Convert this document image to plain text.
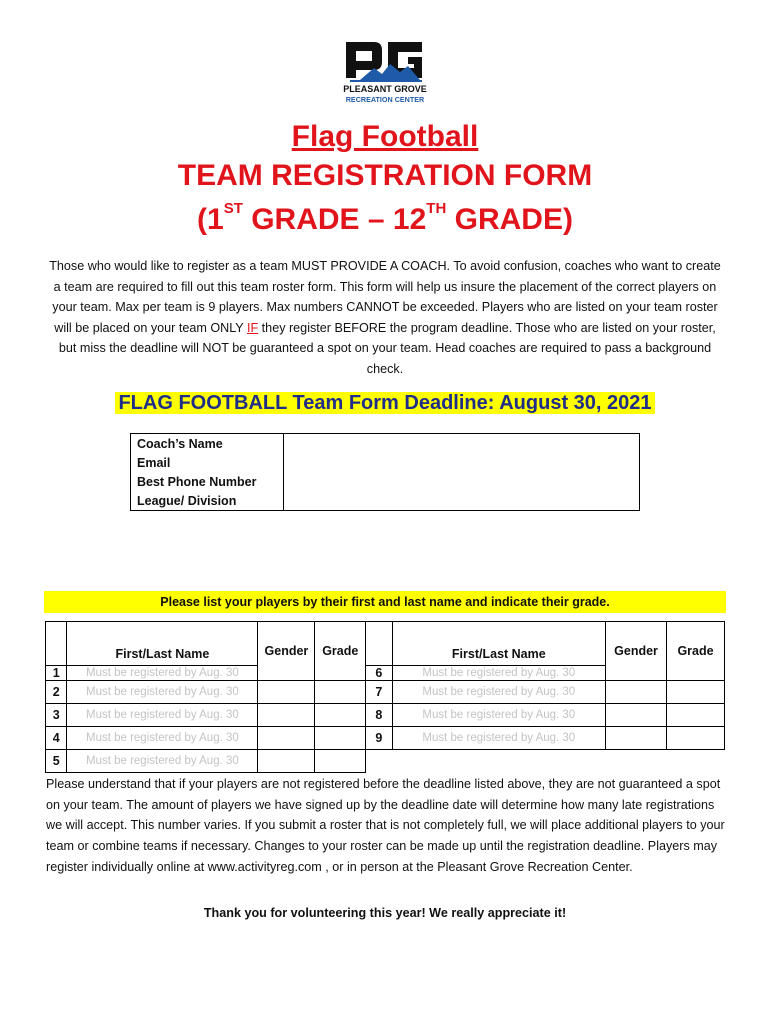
PLEASANT GROVE
RECREATION CENTER

Flag Football

TEAM REGISTRATION FORM

(1ST GRADE – 12TH GRADE)

Those who would like to register as a team MUST PROVIDE A COACH. To avoid confusion, coaches who want to create a team are required to fill out this team roster form. This form will help us insure the placement of the correct players on your team. Max per team is 9 players. Max numbers CANNOT be exceeded. Players who are listed on your team roster will be placed on your team ONLY IF they register BEFORE the program deadline. Those who are listed on your roster, but miss the deadline will NOT be guaranteed a spot on your team. Head coaches are required to pass a background check.
FLAG FOOTBALL Team Form Deadline: August 30, 2021
Coach’s Name	
Email	
Best Phone Number	
League/ Division	
Please list your players by their first and last name and indicate their grade.
	First/Last Name	Gender	Grade		First/Last Name	Gender	Grade
1	Must be registered by Aug. 30			6	Must be registered by Aug. 30		
2	Must be registered by Aug. 30			7	Must be registered by Aug. 30		
3	Must be registered by Aug. 30			8	Must be registered by Aug. 30		
4	Must be registered by Aug. 30			9	Must be registered by Aug. 30		
5	Must be registered by Aug. 30						
Please understand that if your players are not registered before the deadline listed above, they are not guaranteed a spot on your team. The amount of players we have signed up by the deadline date will determine how many late registrations we will accept. This number varies. If you submit a roster that is not completely full, we will place additional players to your team or combine teams if necessary. Changes to your roster can be made up until the registration deadline. Players may register individually online at www.activityreg.com , or in person at the Pleasant Grove Recreation Center.
Thank you for volunteering this year! We really appreciate it!
